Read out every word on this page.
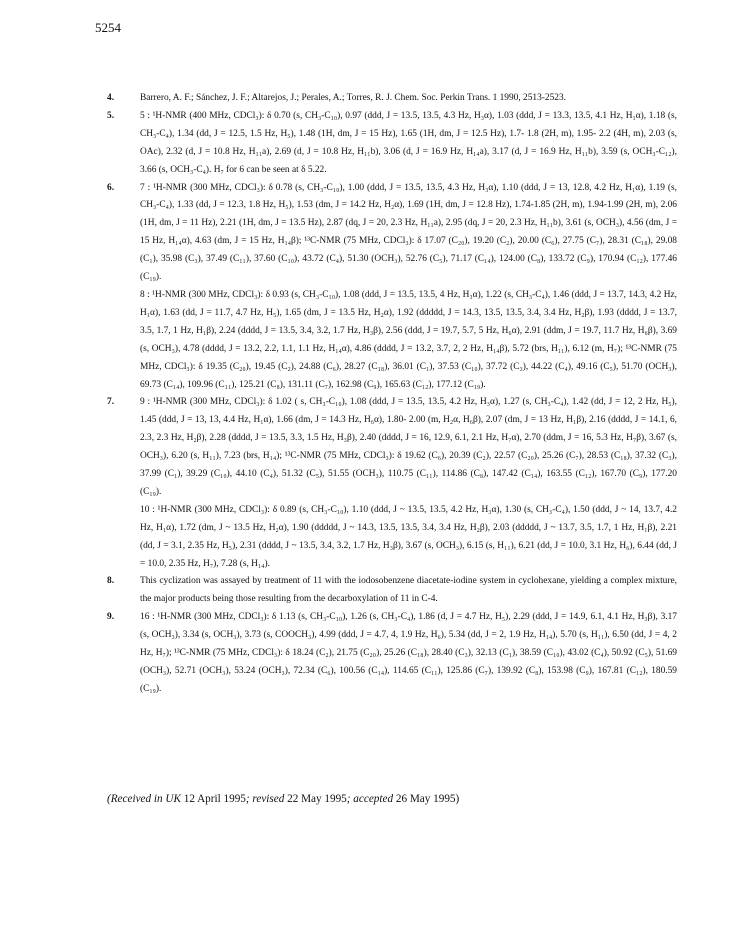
5254
4.	Barrero, A. F.; Sánchez, J. F.; Altarejos, J.; Perales, A.; Torres, R. J. Chem. Soc. Perkin Trans. 1 1990, 2513-2523.

5.	5 : ¹H-NMR (400 MHz, CDCl₃): δ 0.70 (s, CH₃-C₁₀), 0.97 (ddd, J = 13.5, 13.5, 4.3 Hz, H₃α), 1.03 (ddd, J = 13.3, 13.5, 4.1 Hz, H₁α), 1.18 (s, CH₃-C₄), 1.34 (dd, J = 12.5, 1.5 Hz, H₅), 1.48 (1H, dm, J = 15 Hz), 1.65 (1H, dm, J = 12.5 Hz), 1.7- 1.8 (2H, m), 1.95- 2.2 (4H, m), 2.03 (s, OAc), 2.32 (d, J = 10.8 Hz, H₁₁a), 2.69 (d, J = 10.8 Hz, H₁₁b), 3.06 (d, J = 16.9 Hz, H₁₄a), 3.17 (d, J = 16.9 Hz, H₁₁b), 3.59 (s, OCH₃-C₁₂), 3.66 (s, OCH₃-C₄). H₇ for 6 can be seen at δ 5.22.

6.	7 : ¹H-NMR (300 MHz, CDCl₃): δ 0.78 (s, CH₃-C₁₀), 1.00 (ddd, J = 13.5, 13.5, 4.3 Hz, H₃α), 1.10 (ddd, J = 13, 12.8, 4.2 Hz, H₁α), 1.19 (s, CH₃-C₄), 1.33 (dd, J = 12.3, 1.8 Hz, H₅), 1.53 (dm, J = 14.2 Hz, H₂α), 1.69 (1H, dm, J = 12.8 Hz), 1.74-1.85 (2H, m), 1.94-1.99 (2H, m), 2.06 (1H, dm, J = 11 Hz), 2.21 (1H, dm, J = 13.5 Hz), 2.87 (dq, J = 20, 2.3 Hz, H₁₁a), 2.95 (dq, J = 20, 2.3 Hz, H₁₁b), 3.61 (s, OCH₃), 4.56 (dm, J = 15 Hz, H₁₄α), 4.63 (dm, J = 15 Hz, H₁₄β); ¹³C-NMR (75 MHz, CDCl₃): δ 17.07 (C₂₀), 19.20 (C₂), 20.00 (C₆), 27.75 (C₇), 28.31 (C₁₈), 29.08 (C₁), 35.98 (C₃), 37.49 (C₁₁), 37.60 (C₁₀), 43.72 (C₄), 51.30 (OCH₃), 52.76 (C₅), 71.17 (C₁₄), 124.00 (C₈), 133.72 (C₉), 170.94 (C₁₂), 177.46 (C₁₉).

8 : ¹H-NMR (300 MHz, CDCl₃): δ 0.93 (s, CH₃-C₁₀), 1.08 (ddd, J = 13.5, 13.5, 4 Hz, H₃α), 1.22 (s, CH₃-C₄), 1.46 (ddd, J = 13.7, 14.3, 4.2 Hz, H₁α), 1.63 (dd, J = 11.7, 4.7 Hz, H₅), 1.65 (dm, J = 13.5 Hz, H₂α), 1.92 (ddddd, J = 14.3, 13.5, 13.5, 3.4, 3.4 Hz, H₂β), 1.93 (dddd, J = 13.7, 3.5, 1.7, 1 Hz, H₁β), 2.24 (dddd, J = 13.5, 3.4, 3.2, 1.7 Hz, H₃β), 2.56 (ddd, J = 19.7, 5.7, 5 Hz, H₆α), 2.91 (ddm, J = 19.7, 11.7 Hz, H₆β), 3.69 (s, OCH₃), 4.78 (dddd, J = 13.2, 2.2, 1.1, 1.1 Hz, H₁₄α), 4.86 (dddd, J = 13.2, 3.7, 2, 2 Hz, H₁₄β), 5.72 (brs, H₁₁), 6.12 (m, H₇); ¹³C-NMR (75 MHz, CDCl₃): δ 19.35 (C₂₀), 19.45 (C₂), 24.88 (C₆), 28.27 (C₁₈), 36.01 (C₁), 37.53 (C₁₀), 37.72 (C₃), 44.22 (C₄), 49.16 (C₅), 51.70 (OCH₃), 69.73 (C₁₄), 109.96 (C₁₁), 125.21 (C₈), 131.11 (C₇), 162.98 (C₉), 165.63 (C₁₂), 177.12 (C₁₉).

7.	9 : ¹H-NMR (300 MHz, CDCl₃): δ 1.02 ( s, CH₃-C₁₀), 1.08 (ddd, J = 13.5, 13.5, 4.2 Hz, H₃α), 1.27 (s, CH₃-C₄), 1.42 (dd, J = 12, 2 Hz, H₅), 1.45 (ddd, J = 13, 13, 4.4 Hz, H₁α), 1.66 (dm, J = 14.3 Hz, H₆α), 1.80- 2.00 (m, H₂α, H₆β), 2.07 (dm, J = 13 Hz, H₁β), 2.16 (dddd, J = 14.1, 6, 2.3, 2.3 Hz, H₂β), 2.28 (dddd, J = 13.5, 3.3, 1.5 Hz, H₃β), 2.40 (dddd, J = 16, 12.9, 6.1, 2.1 Hz, H₇α), 2.70 (ddm, J = 16, 5.3 Hz, H₇β), 3.67 (s, OCH₃), 6.20 (s, H₁₁), 7.23 (brs, H₁₄); ¹³C-NMR (75 MHz, CDCl₃): δ 19.62 (C₆), 20.39 (C₂), 22.57 (C₂₀), 25.26 (C₇), 28.53 (C₁₈), 37.32 (C₃), 37.99 (C₁), 39.29 (C₁₀), 44.10 (C₄), 51.32 (C₅), 51.55 (OCH₃), 110.75 (C₁₁), 114.86 (C₈), 147.42 (C₁₄), 163.55 (C₁₂), 167.70 (C₉), 177.20 (C₁₉).

10 : ¹H-NMR (300 MHz, CDCl₃): δ 0.89 (s, CH₃-C₁₀), 1.10 (ddd, J ~ 13.5, 13.5, 4.2 Hz, H₃α), 1.30 (s, CH₃-C₄), 1.50 (ddd, J ~ 14, 13.7, 4.2 Hz, H₁α), 1.72 (dm, J ~ 13.5 Hz, H₂α), 1.90 (ddddd, J ~ 14.3, 13.5, 13.5, 3.4, 3.4 Hz, H₂β), 2.03 (ddddd, J ~ 13.7, 3.5, 1.7, 1 Hz, H₁β), 2.21 (dd, J = 3.1, 2.35 Hz, H₅), 2.31 (dddd, J ~ 13.5, 3.4, 3.2, 1.7 Hz, H₃β), 3.67 (s, OCH₃), 6.15 (s, H₁₁), 6.21 (dd, J = 10.0, 3.1 Hz, H₆), 6.44 (dd, J = 10.0, 2.35 Hz, H₇), 7.28 (s, H₁₄).

8.	This cyclization was assayed by treatment of 11 with the iodosobenzene diacetate-iodine system in cyclohexane, yielding a complex mixture, the major products being those resulting from the decarboxylation of 11 in C-4.

9.	16 : ¹H-NMR (300 MHz, CDCl₃): δ 1.13 (s, CH₃-C₁₀), 1.26 (s, CH₃-C₄), 1.86 (d, J = 4.7 Hz, H₅), 2.29 (ddd, J = 14.9, 6.1, 4.1 Hz, H₃β), 3.17 (s, OCH₃), 3.34 (s, OCH₃), 3.73 (s, COOCH₃), 4.99 (ddd, J = 4.7, 4, 1.9 Hz, H₆), 5.34 (dd, J = 2, 1.9 Hz, H₁₄), 5.70 (s, H₁₁), 6.50 (dd, J = 4, 2 Hz, H₇); ¹³C-NMR (75 MHz, CDCl₃): δ 18.24 (C₂), 21.75 (C₂₀), 25.26 (C₁₈), 28.40 (C₃), 32.13 (C₁), 38.59 (C₁₀), 43.02 (C₄), 50.92 (C₅), 51.69 (OCH₃), 52.71 (OCH₃), 53.24 (OCH₃), 72.34 (C₆), 100.56 (C₁₄), 114.65 (C₁₁), 125.86 (C₇), 139.92 (C₈), 153.98 (C₉), 167.81 (C₁₂), 180.59 (C₁₉).

(Received in UK 12 April 1995; revised 22 May 1995; accepted 26 May 1995)
